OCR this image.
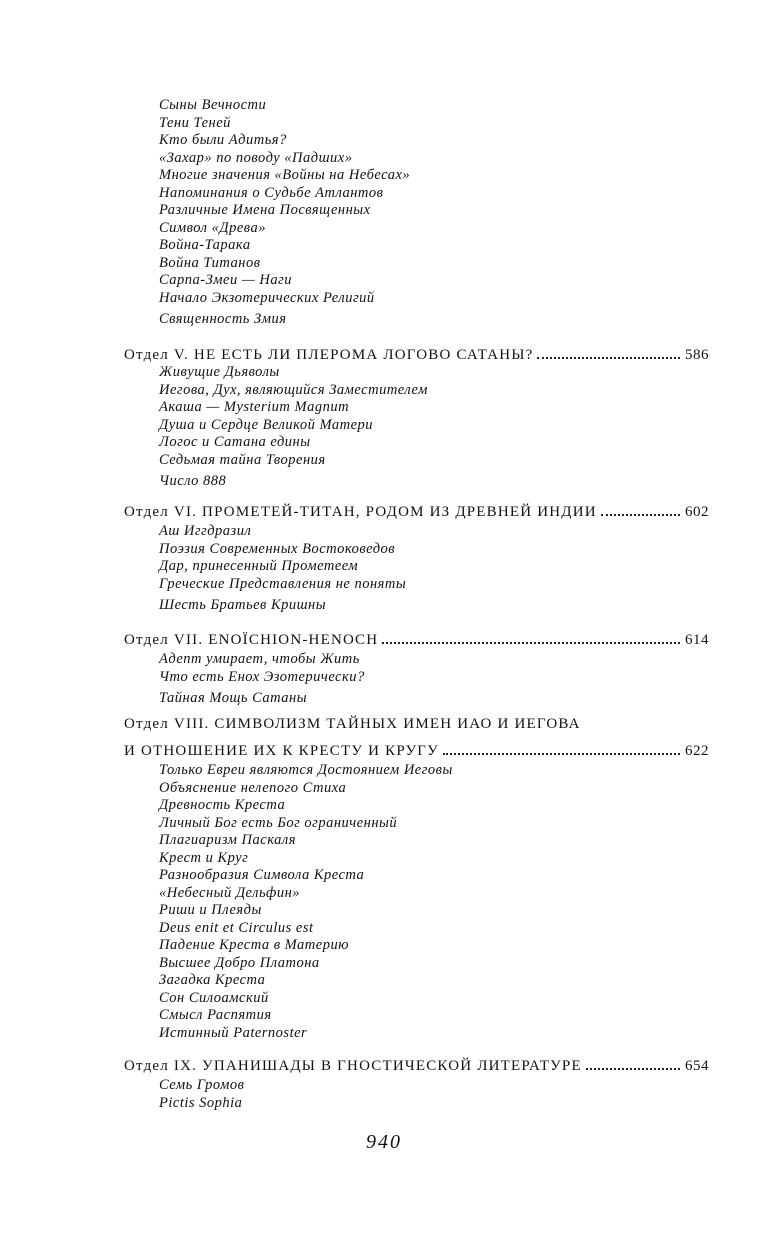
Сыны Вечности
Тени Теней
Кто были Адитья?
«Захар» по поводу «Падших»
Многие значения «Войны на Небесах»
Напоминания о Судьбе Атлантов
Различные Имена Посвященных
Символ «Древа»
Война-Тарака
Война Титанов
Сарпа-Змеи — Наги
Начало Экзотерических Религий
Священность Змия
Отдел V. НЕ ЕСТЬ ЛИ ПЛЕРОМА ЛОГОВО САТАНЫ?	586
Живущие Дьяволы
Иегова, Дух, являющийся Заместителем
Акаша — Mysterium Magnum
Душа и Сердце Великой Матери
Логос и Сатана едины
Седьмая тайна Творения
Число 888
Отдел VI. ПРОМЕТЕЙ-ТИТАН, РОДОМ ИЗ ДРЕВНЕЙ ИНДИИ	602
Аш Иггдразил
Поэзия Современных Востоковедов
Дар, принесенный Прометеем
Греческие Представления не поняты
Шесть Братьев Кришны
Отдел VII. ENOÏCHION-HENOCH	614
Адепт умирает, чтобы Жить
Что есть Енох Эзотерически?
Тайная Мощь Сатаны
Отдел VIII. СИМВОЛИЗМ ТАЙНЫХ ИМЕН ИАО И ИЕГОВА
И ОТНОШЕНИЕ ИХ К КРЕСТУ И КРУГУ	622
Только Евреи являются Достоянием Иеговы
Объяснение нелепого Стиха
Древность Креста
Личный Бог есть Бог ограниченный
Плагиаризм Паскаля
Крест и Круг
Разнообразия Символа Креста
«Небесный Дельфин»
Риши и Плеяды
Deus enit et Circulus est
Падение Креста в Материю
Высшее Добро Платона
Загадка Креста
Сон Силоамский
Смысл Распятия
Истинный Paternoster
Отдел IX. УПАНИШАДЫ В ГНОСТИЧЕСКОЙ ЛИТЕРАТУРЕ	654
Семь Громов
Pictis Sophia
940
